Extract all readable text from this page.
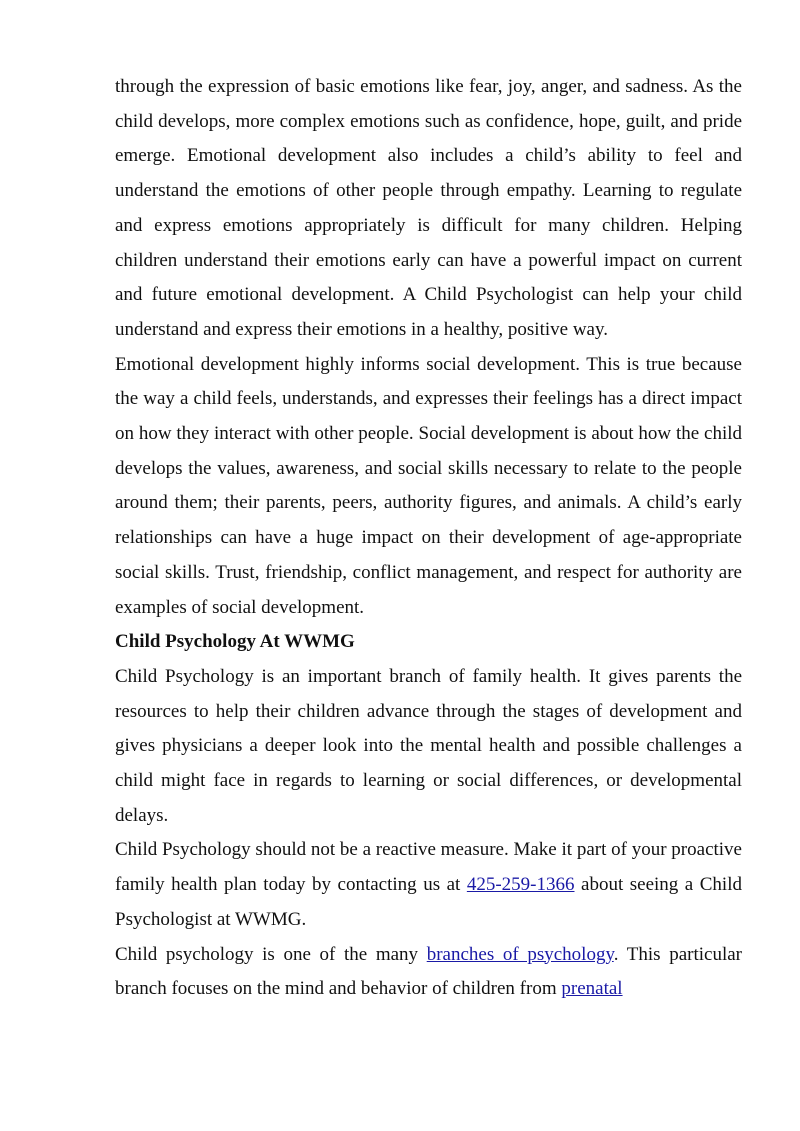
through the expression of basic emotions like fear, joy, anger, and sadness. As the child develops, more complex emotions such as confidence, hope, guilt, and pride emerge. Emotional development also includes a child’s ability to feel and understand the emotions of other people through empathy. Learning to regulate and express emotions appropriately is difficult for many children. Helping children understand their emotions early can have a powerful impact on current and future emotional development. A Child Psychologist can help your child understand and express their emotions in a healthy, positive way.

Emotional development highly informs social development. This is true because the way a child feels, understands, and expresses their feelings has a direct impact on how they interact with other people. Social development is about how the child develops the values, awareness, and social skills necessary to relate to the people around them; their parents, peers, authority figures, and animals. A child’s early relationships can have a huge impact on their development of age-appropriate social skills. Trust, friendship, conflict management, and respect for authority are examples of social development.

Child Psychology At WWMG

Child Psychology is an important branch of family health. It gives parents the resources to help their children advance through the stages of development and gives physicians a deeper look into the mental health and possible challenges a child might face in regards to learning or social differences, or developmental delays.

Child Psychology should not be a reactive measure. Make it part of your proactive family health plan today by contacting us at 425-259-1366 about seeing a Child Psychologist at WWMG.

Child psychology is one of the many branches of psychology. This particular branch focuses on the mind and behavior of children from prenatal
